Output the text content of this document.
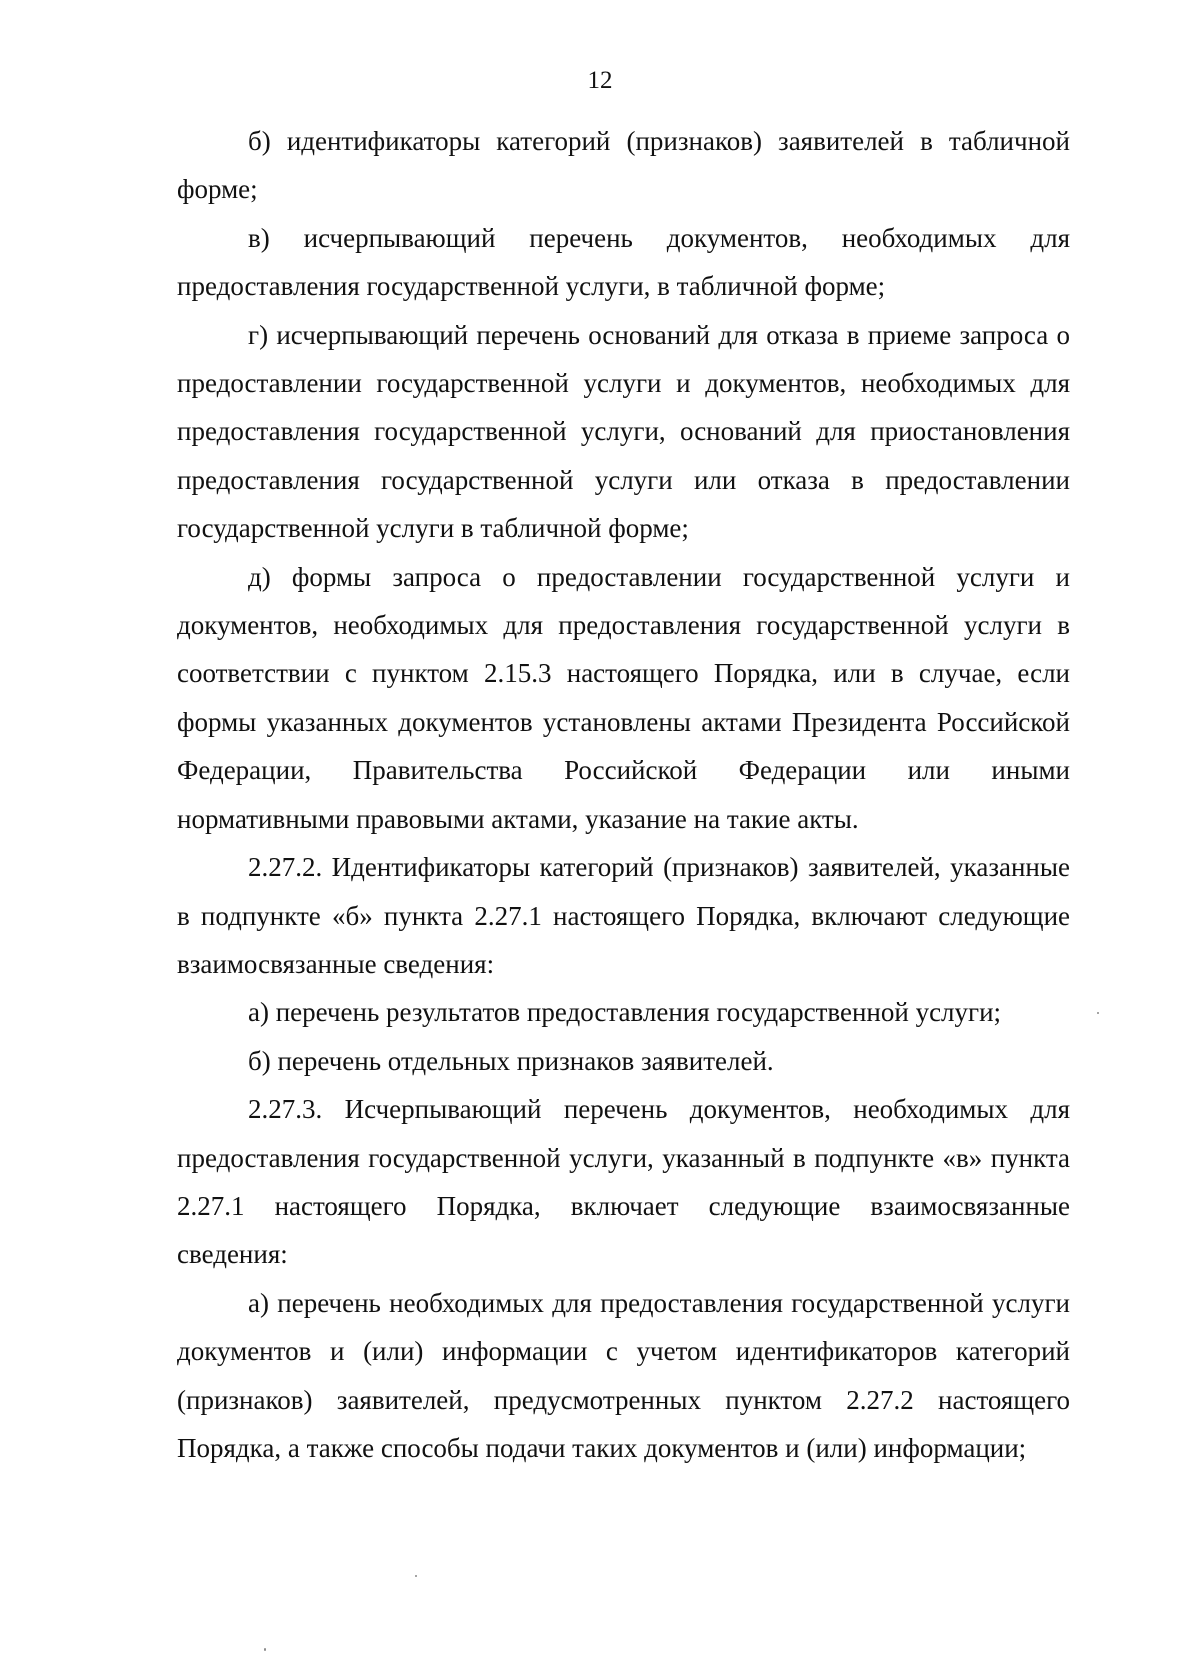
12

б) идентификаторы категорий (признаков) заявителей в табличной форме;

в) исчерпывающий перечень документов, необходимых для предоставления государственной услуги, в табличной форме;

г) исчерпывающий перечень оснований для отказа в приеме запроса о предоставлении государственной услуги и документов, необходимых для предоставления государственной услуги, оснований для приостановления предоставления государственной услуги или отказа в предоставлении государственной услуги в табличной форме;

д) формы запроса о предоставлении государственной услуги и документов, необходимых для предоставления государственной услуги в соответствии с пунктом 2.15.3 настоящего Порядка, или в случае, если формы указанных документов установлены актами Президента Российской Федерации, Правительства Российской Федерации или иными нормативными правовыми актами, указание на такие акты.

2.27.2. Идентификаторы категорий (признаков) заявителей, указанные в подпункте «б» пункта 2.27.1 настоящего Порядка, включают следующие взаимосвязанные сведения:

а) перечень результатов предоставления государственной услуги;

б) перечень отдельных признаков заявителей.

2.27.3. Исчерпывающий перечень документов, необходимых для предоставления государственной услуги, указанный в подпункте «в» пункта 2.27.1 настоящего Порядка, включает следующие взаимосвязанные сведения:

а) перечень необходимых для предоставления государственной услуги документов и (или) информации с учетом идентификаторов категорий (признаков) заявителей, предусмотренных пунктом 2.27.2 настоящего Порядка, а также способы подачи таких документов и (или) информации;
